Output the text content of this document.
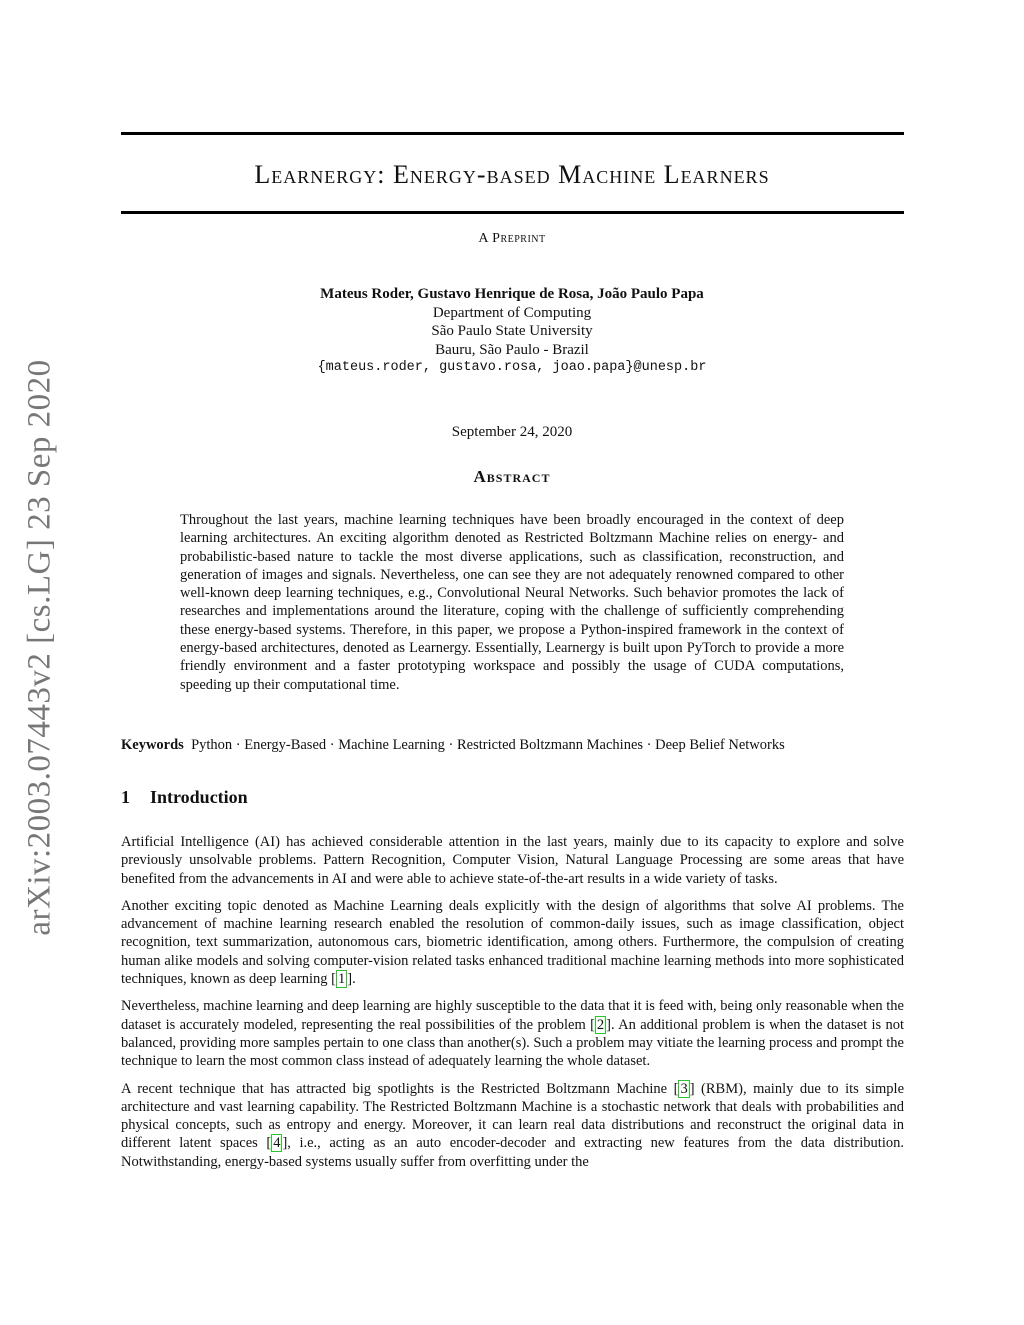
arXiv:2003.07443v2 [cs.LG] 23 Sep 2020
Learnergy: Energy-based Machine Learners
A Preprint
Mateus Roder, Gustavo Henrique de Rosa, João Paulo Papa
Department of Computing
São Paulo State University
Bauru, São Paulo - Brazil
{mateus.roder, gustavo.rosa, joao.papa}@unesp.br
September 24, 2020
Abstract

Throughout the last years, machine learning techniques have been broadly encouraged in the context of deep learning architectures. An exciting algorithm denoted as Restricted Boltzmann Machine relies on energy- and probabilistic-based nature to tackle the most diverse applications, such as classification, reconstruction, and generation of images and signals. Nevertheless, one can see they are not adequately renowned compared to other well-known deep learning techniques, e.g., Convolutional Neural Networks. Such behavior promotes the lack of researches and implementations around the literature, coping with the challenge of sufficiently comprehending these energy-based systems. Therefore, in this paper, we propose a Python-inspired framework in the context of energy-based architectures, denoted as Learnergy. Essentially, Learnergy is built upon PyTorch to provide a more friendly environment and a faster prototyping workspace and possibly the usage of CUDA computations, speeding up their computational time.

Keywords Python · Energy-Based · Machine Learning · Restricted Boltzmann Machines · Deep Belief Networks
1 Introduction

Artificial Intelligence (AI) has achieved considerable attention in the last years, mainly due to its capacity to explore and solve previously unsolvable problems. Pattern Recognition, Computer Vision, Natural Language Processing are some areas that have benefited from the advancements in AI and were able to achieve state-of-the-art results in a wide variety of tasks.

Another exciting topic denoted as Machine Learning deals explicitly with the design of algorithms that solve AI problems. The advancement of machine learning research enabled the resolution of common-daily issues, such as image classification, object recognition, text summarization, autonomous cars, biometric identification, among others. Furthermore, the compulsion of creating human alike models and solving computer-vision related tasks enhanced traditional machine learning methods into more sophisticated techniques, known as deep learning [ 1 ].

Nevertheless, machine learning and deep learning are highly susceptible to the data that it is feed with, being only reasonable when the dataset is accurately modeled, representing the real possibilities of the problem [ 2 ]. An additional problem is when the dataset is not balanced, providing more samples pertain to one class than another(s). Such a problem may vitiate the learning process and prompt the technique to learn the most common class instead of adequately learning the whole dataset.

A recent technique that has attracted big spotlights is the Restricted Boltzmann Machine [ 3 ] (RBM), mainly due to its simple architecture and vast learning capability. The Restricted Boltzmann Machine is a stochastic network that deals with probabilities and physical concepts, such as entropy and energy. Moreover, it can learn real data distributions and reconstruct the original data in different latent spaces [ 4 ], i.e., acting as an auto encoder-decoder and extracting new features from the data distribution. Notwithstanding, energy-based systems usually suffer from overfitting under the
